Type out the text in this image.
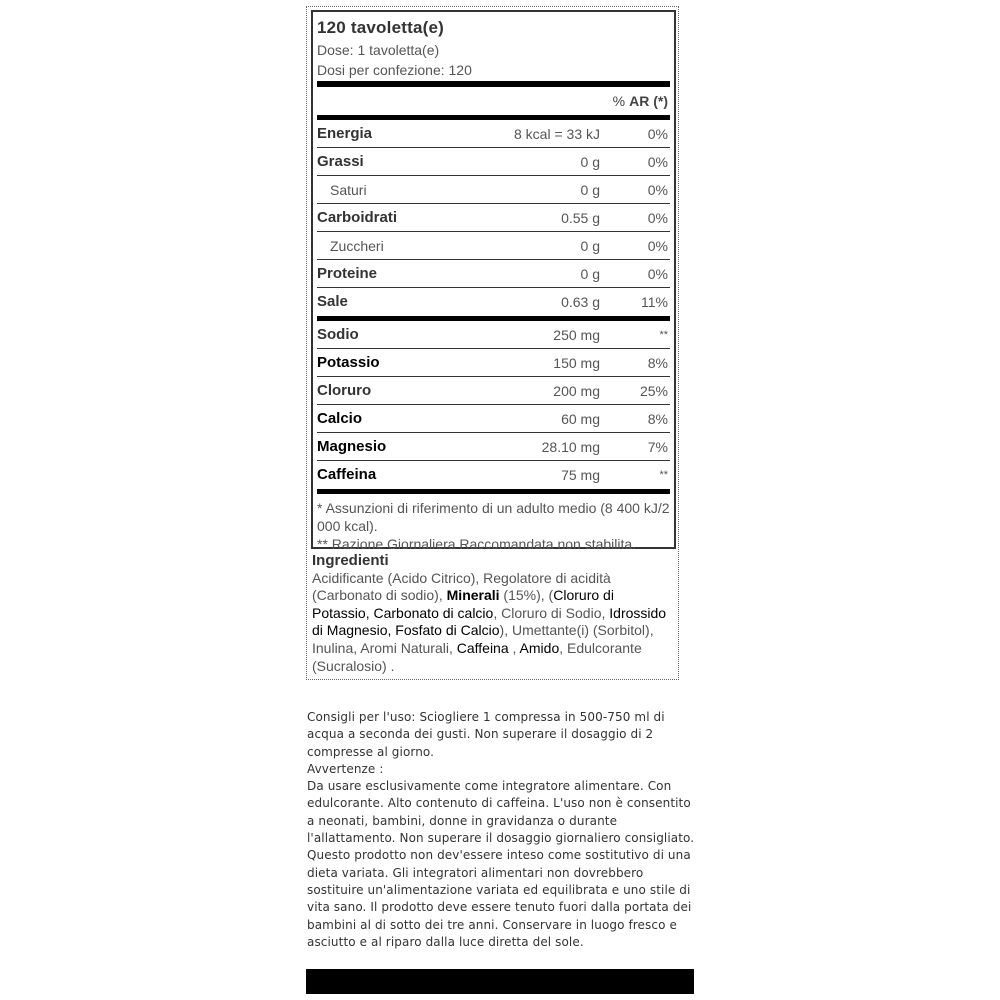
120 tavoletta(e)
Dose: 1 tavoletta(e)
Dosi per confezione: 120
% AR (*)
Energia	8 kcal = 33 kJ	0%
Grassi	0 g	0%
Saturi	0 g	0%
Carboidrati	0.55 g	0%
Zuccheri	0 g	0%
Proteine	0 g	0%
Sale	0.63 g	11%
Sodio	250 mg	**
Potassio	150 mg	8%
Cloruro	200 mg	25%
Calcio	60 mg	8%
Magnesio	28.10 mg	7%
Caffeina	75 mg	**
* Assunzioni di riferimento di un adulto medio (8 400 kJ/2 000 kcal).
** Razione Giornaliera Raccomandata non stabilita.
Ingredienti
Acidificante (Acido Citrico), Regolatore di acidità (Carbonato di sodio), Minerali (15%), (Cloruro di Potassio, Carbonato di calcio, Cloruro di Sodio, Idrossido di Magnesio, Fosfato di Calcio), Umettante(i) (Sorbitol), Inulina, Aromi Naturali, Caffeina , Amido, Edulcorante (Sucralosio) .

Consigli per l'uso: Sciogliere 1 compressa in 500-750 ml di acqua a seconda dei gusti. Non superare il dosaggio di 2 compresse al giorno.

Avvertenze :

Da usare esclusivamente come integratore alimentare. Con edulcorante. Alto contenuto di caffeina. L'uso non è consentito a neonati, bambini, donne in gravidanza o durante l'allattamento. Non superare il dosaggio giornaliero consigliato. Questo prodotto non dev'essere inteso come sostitutivo di una dieta variata. Gli integratori alimentari non dovrebbero sostituire un'alimentazione variata ed equilibrata e uno stile di vita sano. Il prodotto deve essere tenuto fuori dalla portata dei bambini al di sotto dei tre anni. Conservare in luogo fresco e asciutto e al riparo dalla luce diretta del sole.
